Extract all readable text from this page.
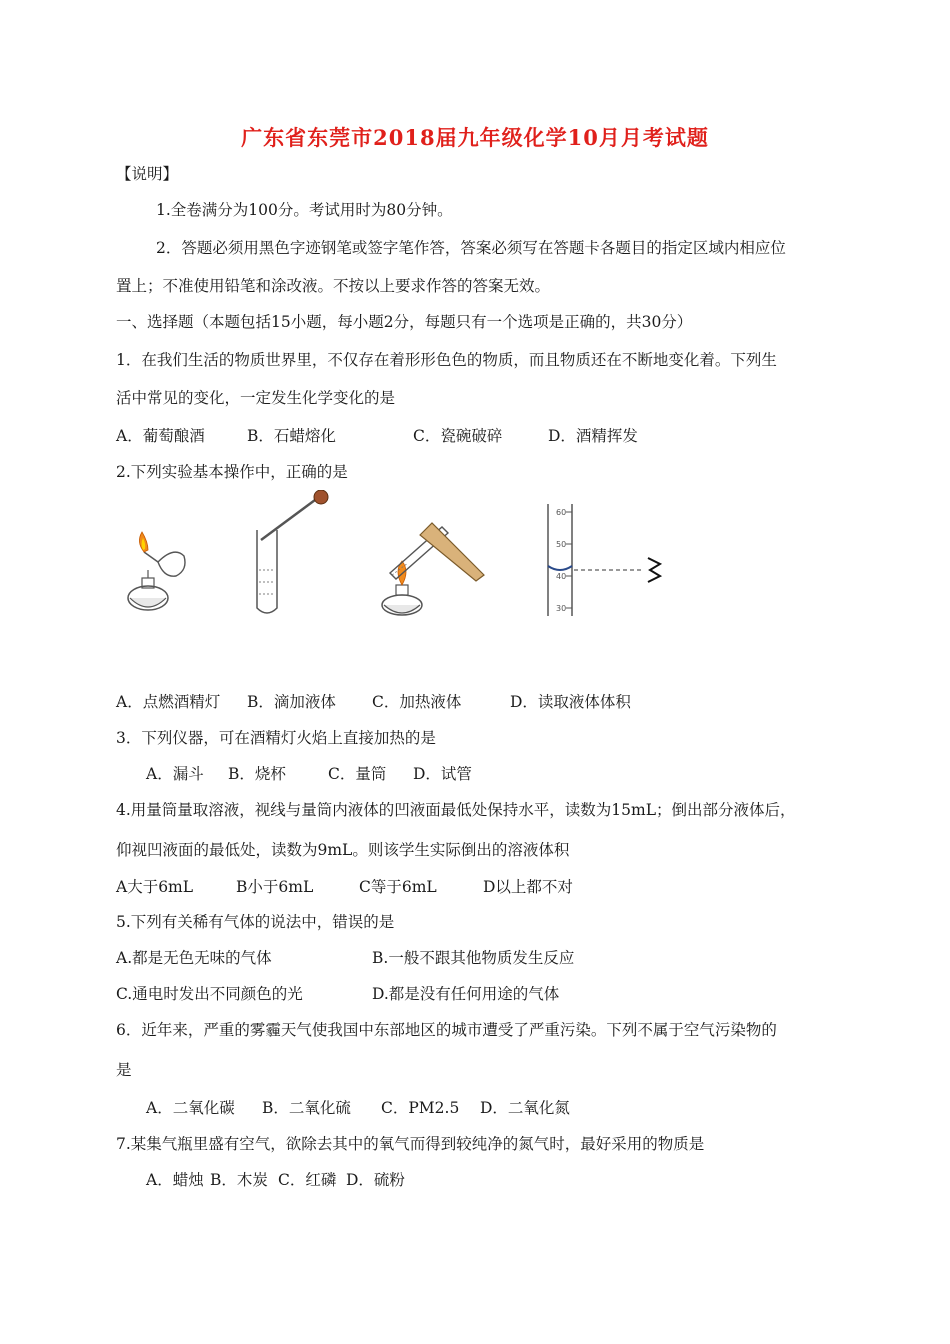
广东省东莞市2018届九年级化学10月月考试题
【说明】
1.全卷满分为100分。考试用时为80分钟。
2．答题必须用黑色字迹钢笔或签字笔作答，答案必须写在答题卡各题目的指定区域内相应位
置上；不准使用铅笔和涂改液。不按以上要求作答的答案无效。
一、选择题（本题包括15小题，每小题2分，每题只有一个选项是正确的，共30分）
1．在我们生活的物质世界里，不仅存在着形形色色的物质，而且物质还在不断地变化着。下列生
活中常见的变化，一定发生化学变化的是
A．葡萄酿酒	B．石蜡熔化	C．瓷碗破碎	D．酒精挥发
2.下列实验基本操作中，正确的是
60
50
40
30
A．点燃酒精灯 B．滴加液体 C．加热液体	D．读取液体体积
3．下列仪器，可在酒精灯火焰上直接加热的是
A．漏斗 B．烧杯	C．量筒 D．试管
4.用量筒量取溶液，视线与量筒内液体的凹液面最低处保持水平，读数为15mL；倒出部分液体后，
仰视凹液面的最低处，读数为9mL。则该学生实际倒出的溶液体积
A大于6mL	B小于6mL	C等于6mL	D以上都不对
5.下列有关稀有气体的说法中，错误的是
A.都是无色无味的气体	B.一般不跟其他物质发生反应
C.通电时发出不同颜色的光	D.都是没有任何用途的气体
6．近年来，严重的雾霾天气使我国中东部地区的城市遭受了严重污染。下列不属于空气污染物的
是
A．二氧化碳 B．二氧化硫 C．PM2.5 D．二氧化氮
7.某集气瓶里盛有空气，欲除去其中的氧气而得到较纯净的氮气时，最好采用的物质是
A．蜡烛 B．木炭 C．红磷 D．硫粉
